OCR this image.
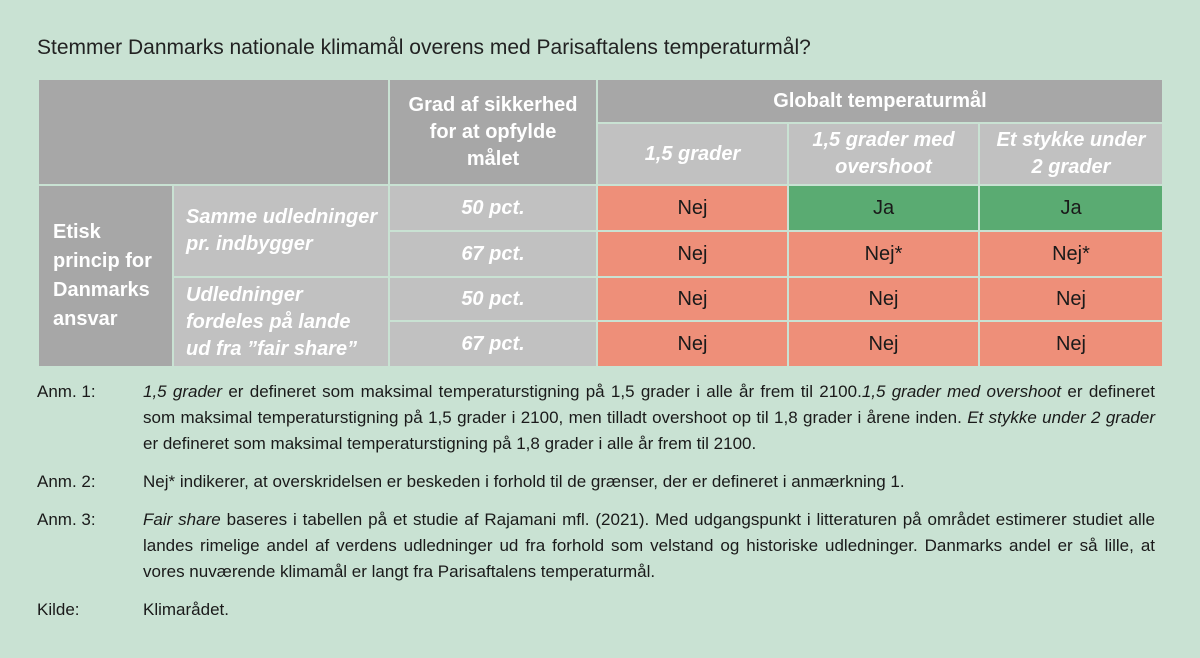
Stemmer Danmarks nationale klimamål overens med Parisaftalens temperaturmål?
		Grad af sikkerhed for at opfylde målet	Globalt temperaturmål		
			1,5 grader	1,5 grader med overshoot	Et stykke under 2 grader
Etisk princip for Danmarks ansvar	Samme udledninger pr. indbygger	50 pct.	Nej	Ja	Ja
		67 pct.	Nej	Nej*	Nej*
	Udledninger fordeles på lande ud fra ”fair share”	50 pct.	Nej	Nej	Nej
		67 pct.	Nej	Nej	Nej
Anm. 1:	1,5 grader er defineret som maksimal temperaturstigning på 1,5 grader i alle år frem til 2100.1,5 grader med overshoot er defineret som maksimal temperaturstigning på 1,5 grader i 2100, men tilladt overshoot op til 1,8 grader i årene inden. Et stykke under 2 grader er defineret som maksimal temperaturstigning på 1,8 grader i alle år frem til 2100.
Anm. 2:	Nej* indikerer, at overskridelsen er beskeden i forhold til de grænser, der er defineret i anmærkning 1.
Anm. 3:	Fair share baseres i tabellen på et studie af Rajamani mfl. (2021). Med udgangspunkt i litteraturen på området estimerer studiet alle landes rimelige andel af verdens udledninger ud fra forhold som velstand og historiske udledninger. Danmarks andel er så lille, at vores nuværende klimamål er langt fra Parisaftalens temperaturmål.
Kilde:	Klimarådet.
